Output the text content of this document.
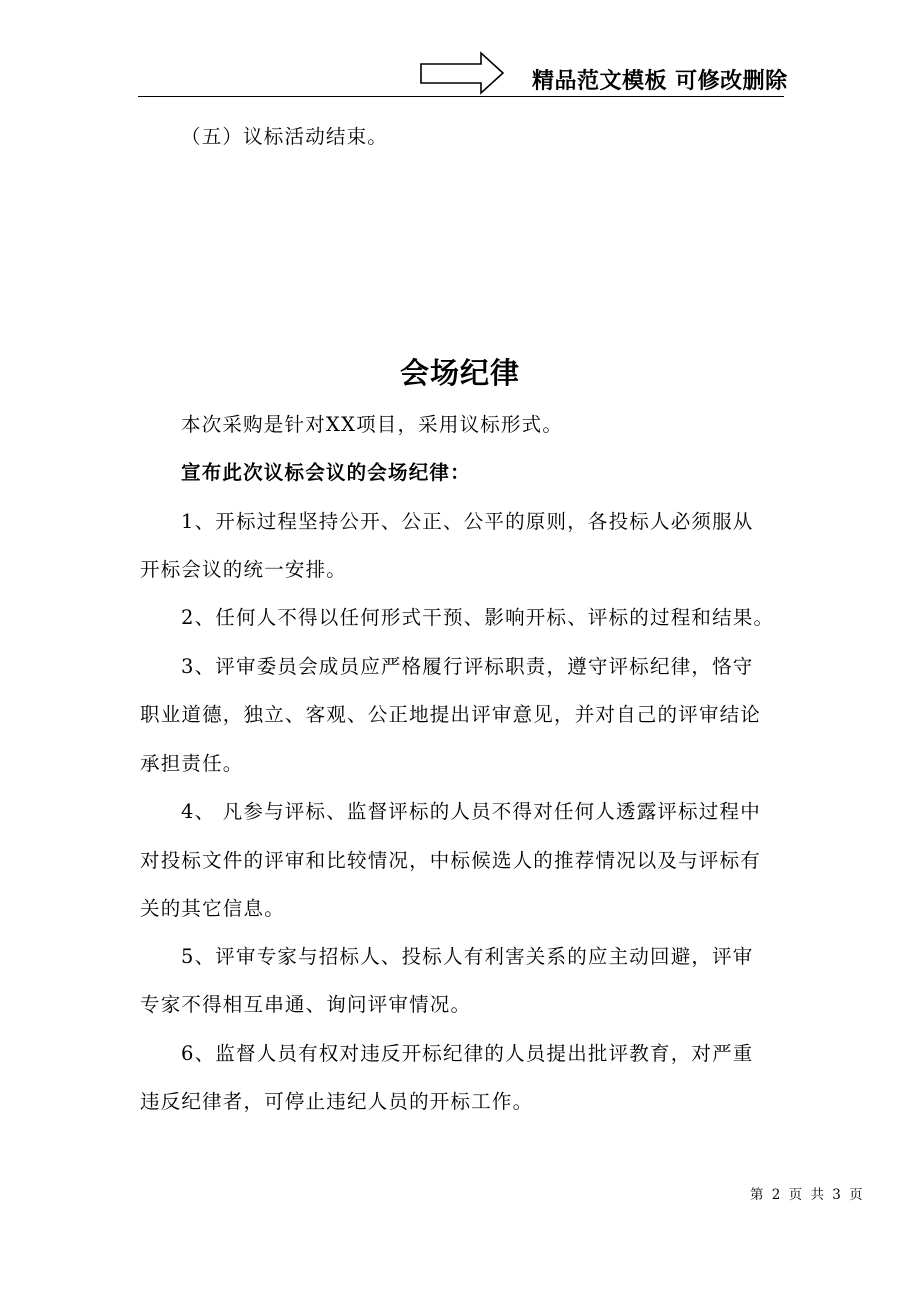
精品范文模板 可修改删除
（五）议标活动结束。
会场纪律
本次采购是针对XX项目，采用议标形式。
宣布此次议标会议的会场纪律：
1、开标过程坚持公开、公正、公平的原则，各投标人必须服从
开标会议的统一安排。
2、任何人不得以任何形式干预、影响开标、评标的过程和结果。
3、评审委员会成员应严格履行评标职责，遵守评标纪律，恪守
职业道德，独立、客观、公正地提出评审意见，并对自己的评审结论
承担责任。
4、 凡参与评标、监督评标的人员不得对任何人透露评标过程中
对投标文件的评审和比较情况，中标候选人的推荐情况以及与评标有
关的其它信息。
5、评审专家与招标人、投标人有利害关系的应主动回避，评审
专家不得相互串通、询问评审情况。
6、监督人员有权对违反开标纪律的人员提出批评教育，对严重
违反纪律者，可停止违纪人员的开标工作。
第 2 页 共 3 页
